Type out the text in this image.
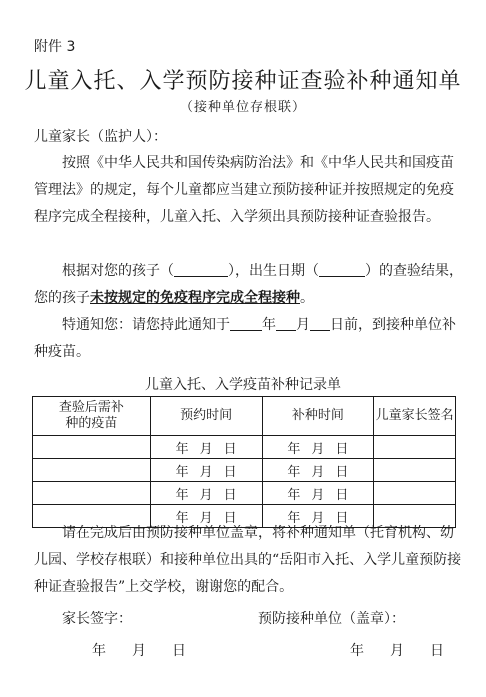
附件 3
儿童入托、入学预防接种证查验补种通知单
（接种单位存根联）
儿童家长（监护人）：
按照《中华人民共和国传染病防治法》和《中华人民共和国疫苗管理法》的规定，每个儿童都应当建立预防接种证并按照规定的免疫程序完成全程接种，儿童入托、入学须出具预防接种证查验报告。
根据对您的孩子（	），出生日期（	）的查验结果，您的孩子未按规定的免疫程序完成全程接种。
特通知您：请您持此通知于 年 月 日前，到接种单位补种疫苗。
儿童入托、入学疫苗补种记录单
查验后需补种的疫苗	预约时间	补种时间	儿童家长签名
	年 月 日	年 月 日	
	年 月 日	年 月 日	
	年 月 日	年 月 日	
	年 月 日	年 月 日	
请在完成后由预防接种单位盖章，将补种通知单（托育机构、幼儿园、学校存根联）和接种单位出具的“岳阳市入托、入学儿童预防接种证查验报告”上交学校，谢谢您的配合。
家长签字：	预防接种单位（盖章）：
年 月 日	年 月 日
